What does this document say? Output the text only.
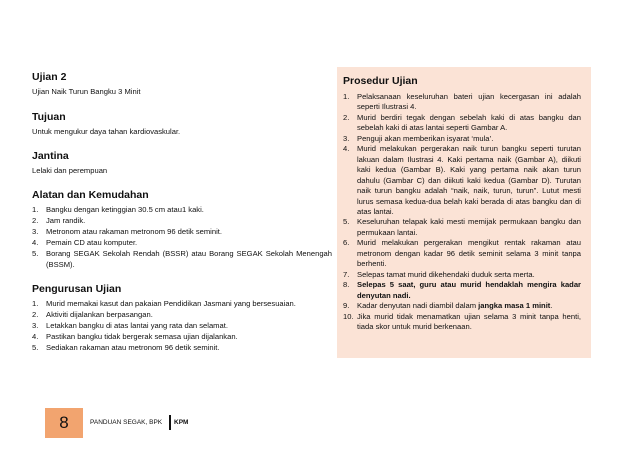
Ujian 2

Ujian Naik Turun Bangku 3 Minit

Tujuan

Untuk mengukur daya tahan kardiovaskular.

Jantina

Lelaki dan perempuan

Alatan dan Kemudahan

1.	Bangku dengan ketinggian 30.5 cm atau1 kaki.
2.	Jam randik.
3.	Metronom atau rakaman metronom 96 detik seminit.
4.	Pemain CD atau komputer.
5.	Borang SEGAK Sekolah Rendah (BSSR) atau Borang SEGAK Sekolah Menengah (BSSM).

Pengurusan Ujian

1.	Murid memakai kasut dan pakaian Pendidikan Jasmani yang bersesuaian.
2.	Aktiviti dijalankan berpasangan.
3.	Letakkan bangku di atas lantai yang rata dan selamat.
4.	Pastikan bangku tidak bergerak semasa ujian dijalankan.
5.	Sediakan rakaman atau metronom 96 detik seminit.

Prosedur Ujian

1.	Pelaksanaan keseluruhan bateri ujian kecergasan ini adalah seperti Ilustrasi 4.
2.	Murid berdiri tegak dengan sebelah kaki di atas bangku dan sebelah kaki di atas lantai seperti Gambar A.
3.	Penguji akan memberikan isyarat ‘mula’.
4.	Murid melakukan pergerakan naik turun bangku seperti turutan lakuan dalam Ilustrasi 4. Kaki pertama naik (Gambar A), diikuti kaki kedua (Gambar B). Kaki yang pertama naik akan turun dahulu (Gambar C) dan diikuti kaki kedua (Gambar D). Turutan naik turun bangku adalah “naik, naik, turun, turun”. Lutut mesti lurus semasa kedua-dua belah kaki berada di atas bangku dan di atas lantai.
5.	Keseluruhan telapak kaki mesti memijak permukaan bangku dan permukaan lantai.
6.	Murid melakukan pergerakan mengikut rentak rakaman atau metronom dengan kadar 96 detik seminit selama 3 minit tanpa berhenti.
7.	Selepas tamat murid dikehendaki duduk serta merta.
8.	Selepas 5 saat, guru atau murid hendaklah mengira kadar denyutan nadi.
9.	Kadar denyutan nadi diambil dalam jangka masa 1 minit.
10. Jika murid tidak menamatkan ujian selama 3 minit tanpa henti, tiada skor untuk murid berkenaan.
8	PANDUAN SEGAK, BPK KPM
